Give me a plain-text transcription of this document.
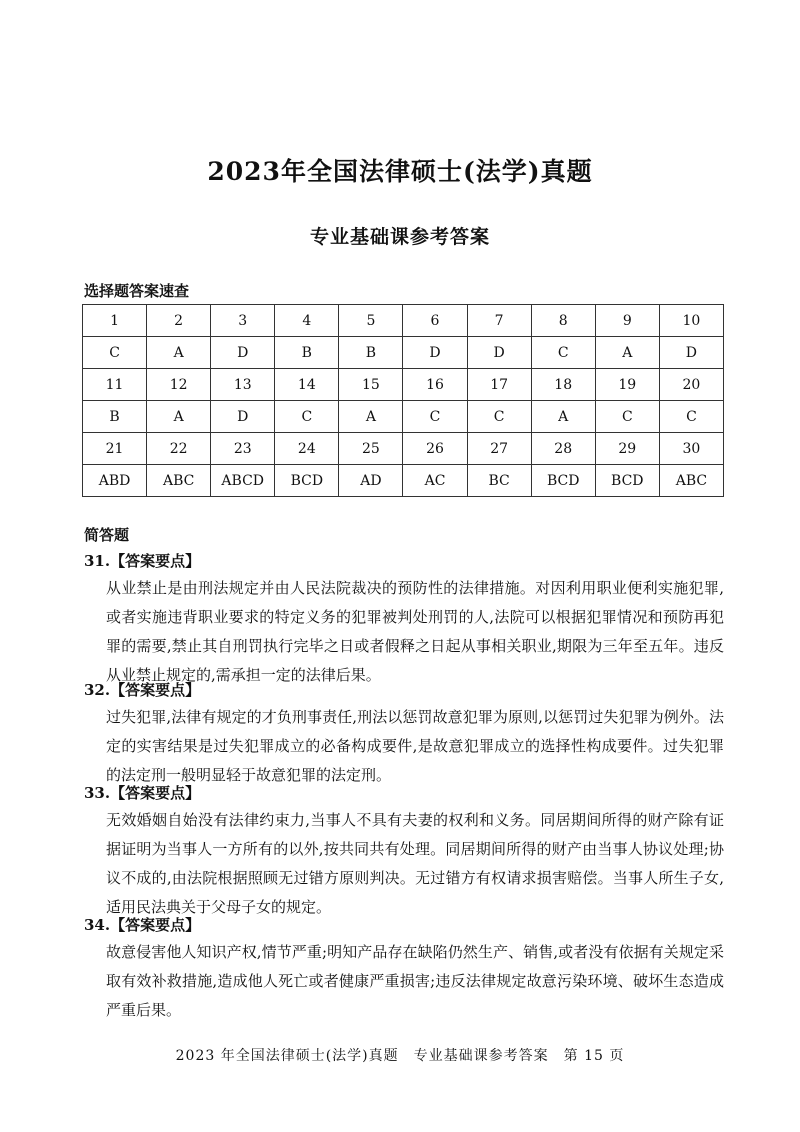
2023年全国法律硕士(法学)真题
专业基础课参考答案
选择题答案速查
1	2	3	4	5	6	7	8	9	10
C	A	D	B	B	D	D	C	A	D
11	12	13	14	15	16	17	18	19	20
B	A	D	C	A	C	C	A	C	C
21	22	23	24	25	26	27	28	29	30
ABD	ABC	ABCD	BCD	AD	AC	BC	BCD	BCD	ABC
简答题
31.【答案要点】
从业禁止是由刑法规定并由人民法院裁决的预防性的法律措施。对因利用职业便利实施犯罪,或者实施违背职业要求的特定义务的犯罪被判处刑罚的人,法院可以根据犯罪情况和预防再犯罪的需要,禁止其自刑罚执行完毕之日或者假释之日起从事相关职业,期限为三年至五年。违反从业禁止规定的,需承担一定的法律后果。
32.【答案要点】
过失犯罪,法律有规定的才负刑事责任,刑法以惩罚故意犯罪为原则,以惩罚过失犯罪为例外。法定的实害结果是过失犯罪成立的必备构成要件,是故意犯罪成立的选择性构成要件。过失犯罪的法定刑一般明显轻于故意犯罪的法定刑。
33.【答案要点】
无效婚姻自始没有法律约束力,当事人不具有夫妻的权利和义务。同居期间所得的财产除有证据证明为当事人一方所有的以外,按共同共有处理。同居期间所得的财产由当事人协议处理;协议不成的,由法院根据照顾无过错方原则判决。无过错方有权请求损害赔偿。当事人所生子女,适用民法典关于父母子女的规定。
34.【答案要点】
故意侵害他人知识产权,情节严重;明知产品存在缺陷仍然生产、销售,或者没有依据有关规定采取有效补救措施,造成他人死亡或者健康严重损害;违反法律规定故意污染环境、破坏生态造成严重后果。
2023 年全国法律硕士(法学)真题　专业基础课参考答案　第 15 页
